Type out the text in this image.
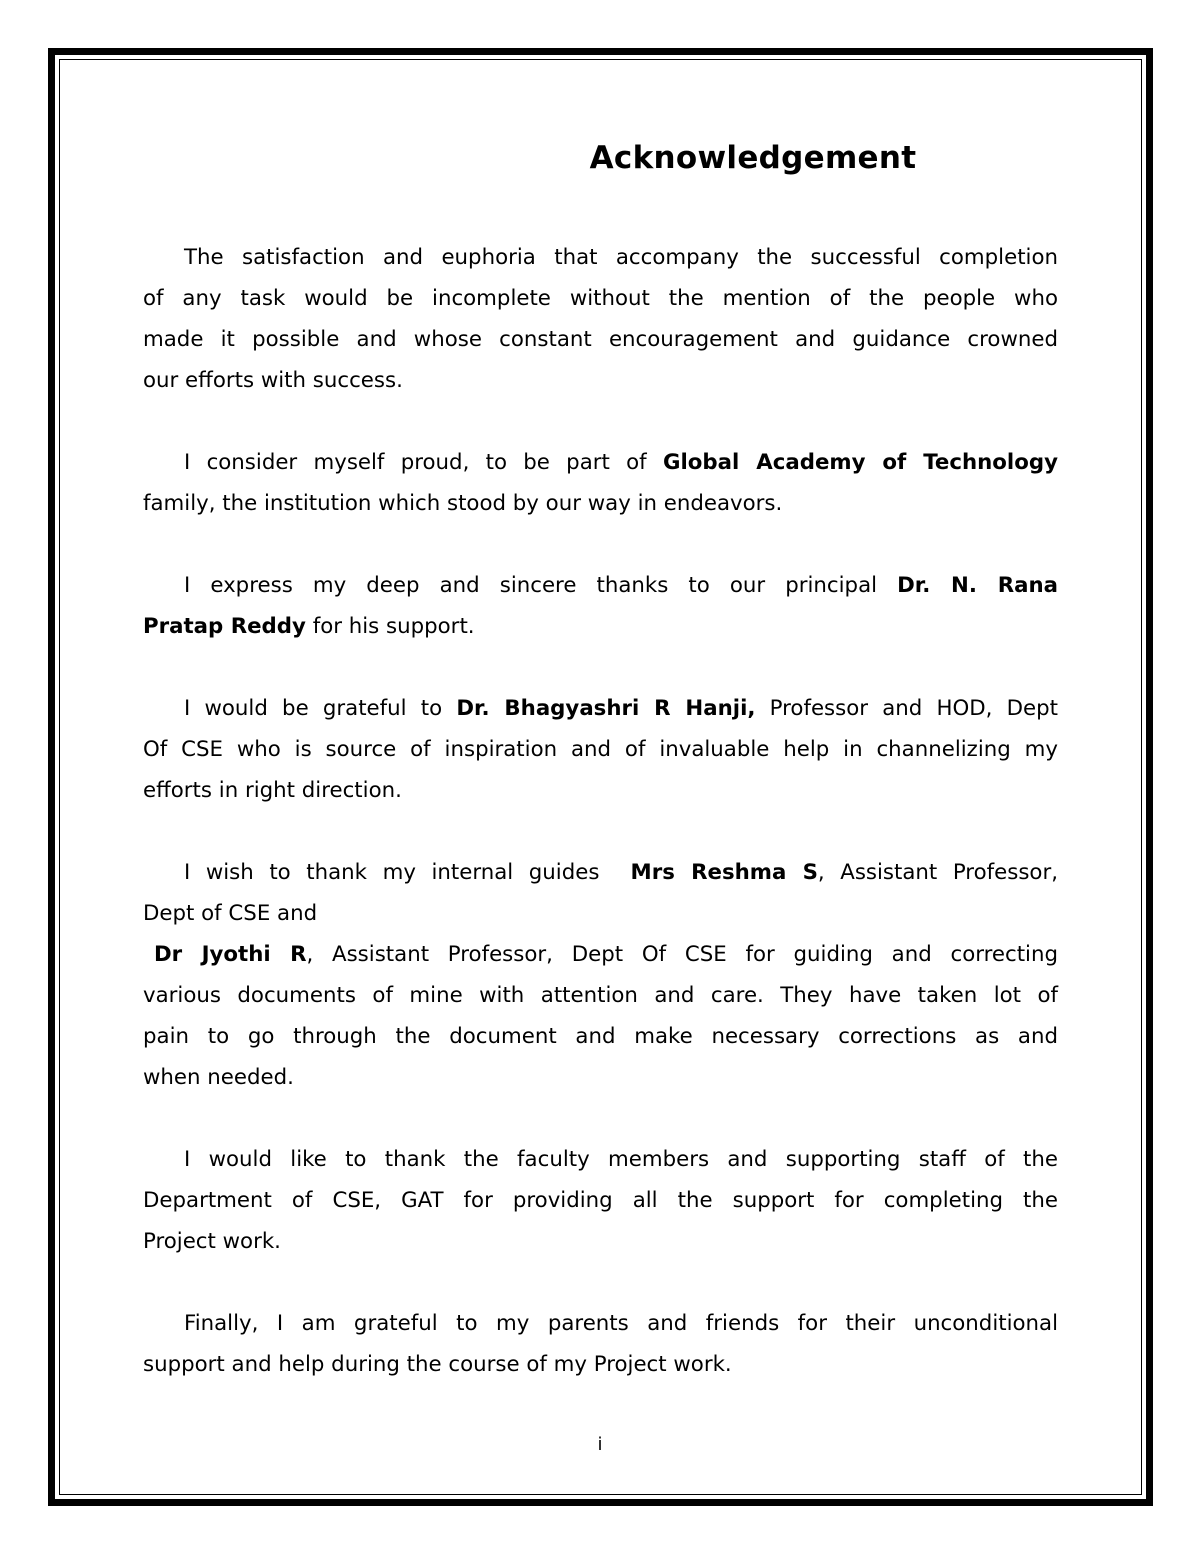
Acknowledgement
The satisfaction and euphoria that accompany the successful completion
of any task would be incomplete without the mention of the people who
made it possible and whose constant encouragement and guidance crowned
our efforts with success.
I consider myself proud, to be part of Global Academy of Technology
family, the institution which stood by our way in endeavors.
I express my deep and sincere thanks to our principal Dr. N. Rana
Pratap Reddy for his support.
I would be grateful to Dr. Bhagyashri R Hanji, Professor and HOD, Dept
Of CSE who is source of inspiration and of invaluable help in channelizing my
efforts in right direction.
I wish to thank my internal guides  Mrs Reshma S, Assistant Professor,
Dept of CSE and
Dr Jyothi R, Assistant Professor, Dept Of CSE for guiding and correcting
various documents of mine with attention and care. They have taken lot of
pain to go through the document and make necessary corrections as and
when needed.
I would like to thank the faculty members and supporting staff of the
Department of CSE, GAT for providing all the support for completing the
Project work.
Finally, I am grateful to my parents and friends for their unconditional
support and help during the course of my Project work.
i
